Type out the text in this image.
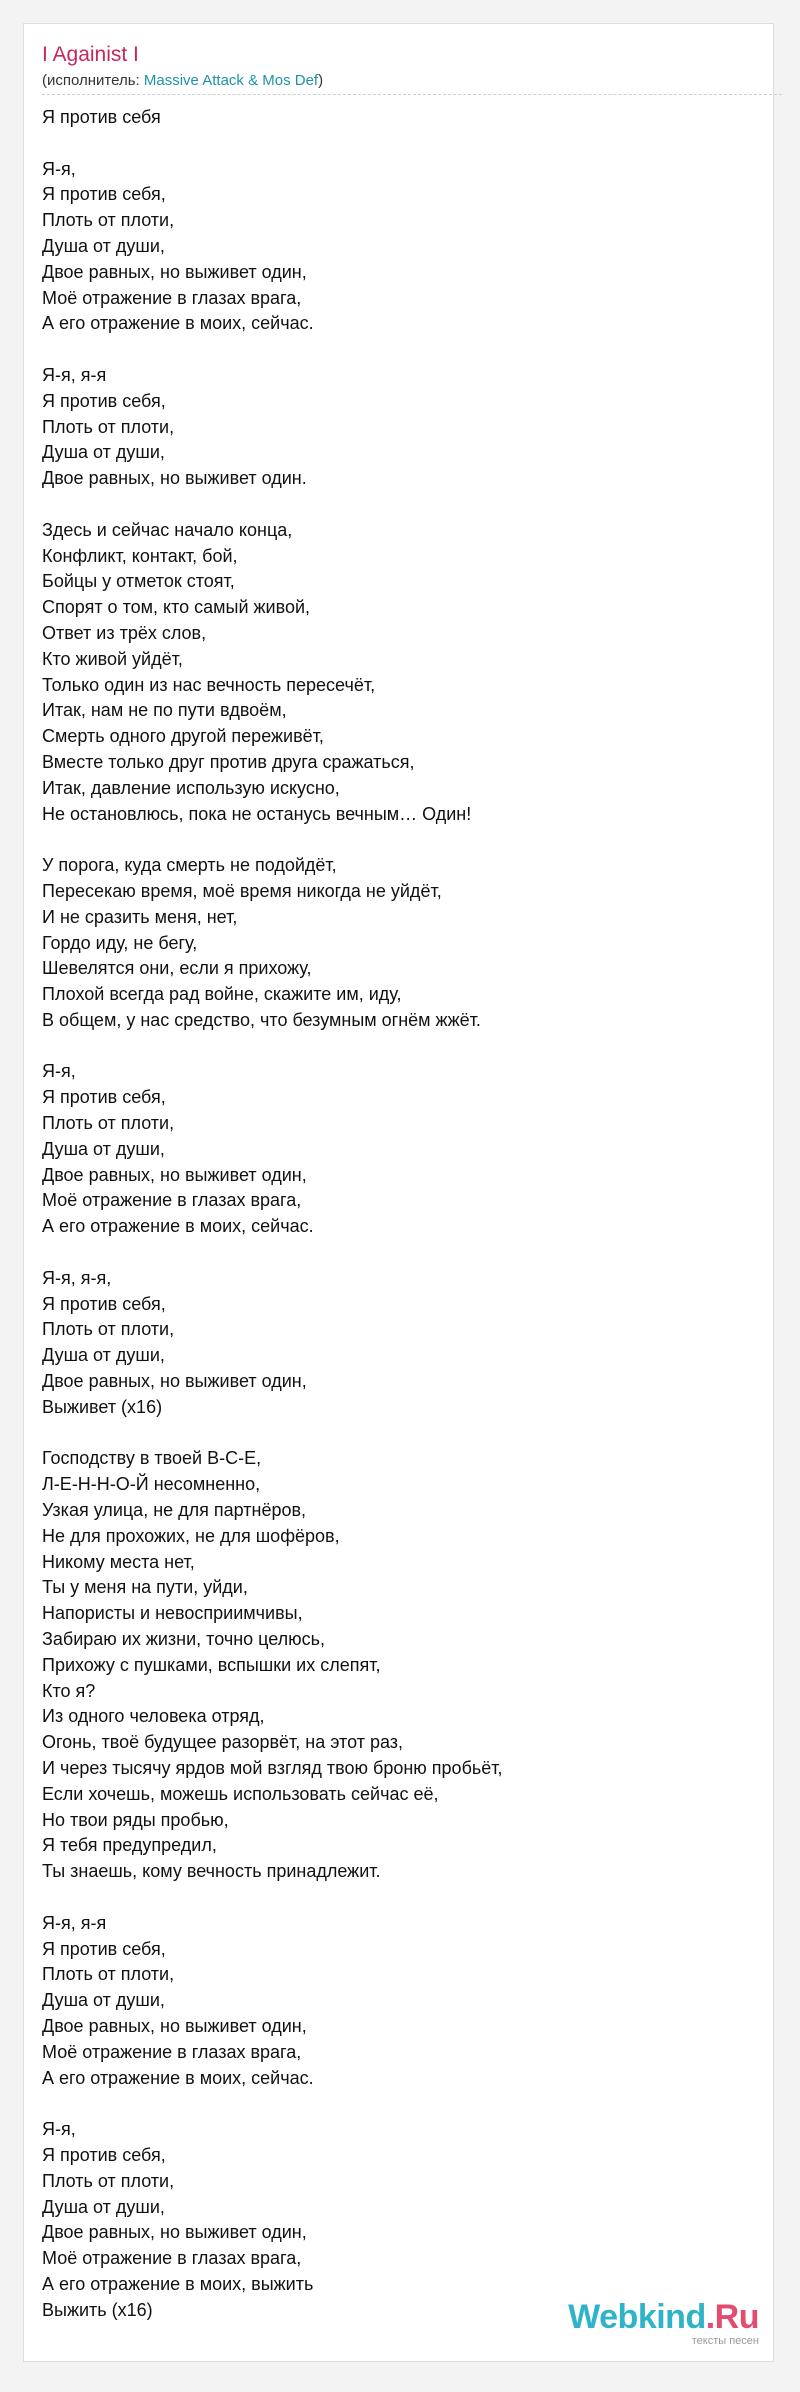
I Againist I
(исполнитель: Massive Attack & Mos Def)
Я против себя
Я-я,
Я против себя,
Плоть от плоти,
Душа от души,
Двое равных, но выживет один,
Моё отражение в глазах врага,
А его отражение в моих, сейчас.
Я-я, я-я
Я против себя,
Плоть от плоти,
Душа от души,
Двое равных, но выживет один.
Здесь и сейчас начало конца,
Конфликт, контакт, бой,
Бойцы у отметок стоят,
Спорят о том, кто самый живой,
Ответ из трёх слов,
Кто живой уйдёт,
Только один из нас вечность пересечёт,
Итак, нам не по пути вдвоём,
Смерть одного другой переживёт,
Вместе только друг против друга сражаться,
Итак, давление использую искусно,
Не остановлюсь, пока не останусь вечным… Один!
У порога, куда смерть не подойдёт,
Пересекаю время, моё время никогда не уйдёт,
И не сразить меня, нет,
Гордо иду, не бегу,
Шевелятся они, если я прихожу,
Плохой всегда рад войне, скажите им, иду,
В общем, у нас средство, что безумным огнём жжёт.
Я-я,
Я против себя,
Плоть от плоти,
Душа от души,
Двое равных, но выживет один,
Моё отражение в глазах врага,
А его отражение в моих, сейчас.
Я-я, я-я,
Я против себя,
Плоть от плоти,
Душа от души,
Двое равных, но выживет один,
Выживет (x16)
Господству в твоей В-С-Е,
Л-Е-Н-Н-О-Й несомненно,
Узкая улица, не для партнёров,
Не для прохожих, не для шофёров,
Никому места нет,
Ты у меня на пути, уйди,
Напористы и невосприимчивы,
Забираю их жизни, точно целюсь,
Прихожу с пушками, вспышки их слепят,
Кто я?
Из одного человека отряд,
Огонь, твоё будущее разорвёт, на этот раз,
И через тысячу ярдов мой взгляд твою броню пробьёт,
Если хочешь, можешь использовать сейчас её,
Но твои ряды пробью,
Я тебя предупредил,
Ты знаешь, кому вечность принадлежит.
Я-я, я-я
Я против себя,
Плоть от плоти,
Душа от души,
Двое равных, но выживет один,
Моё отражение в глазах врага,
А его отражение в моих, сейчас.
Я-я,
Я против себя,
Плоть от плоти,
Душа от души,
Двое равных, но выживет один,
Моё отражение в глазах врага,
А его отражение в моих, выжить
Выжить (x16)	Webkind.Ru
тексты песен
